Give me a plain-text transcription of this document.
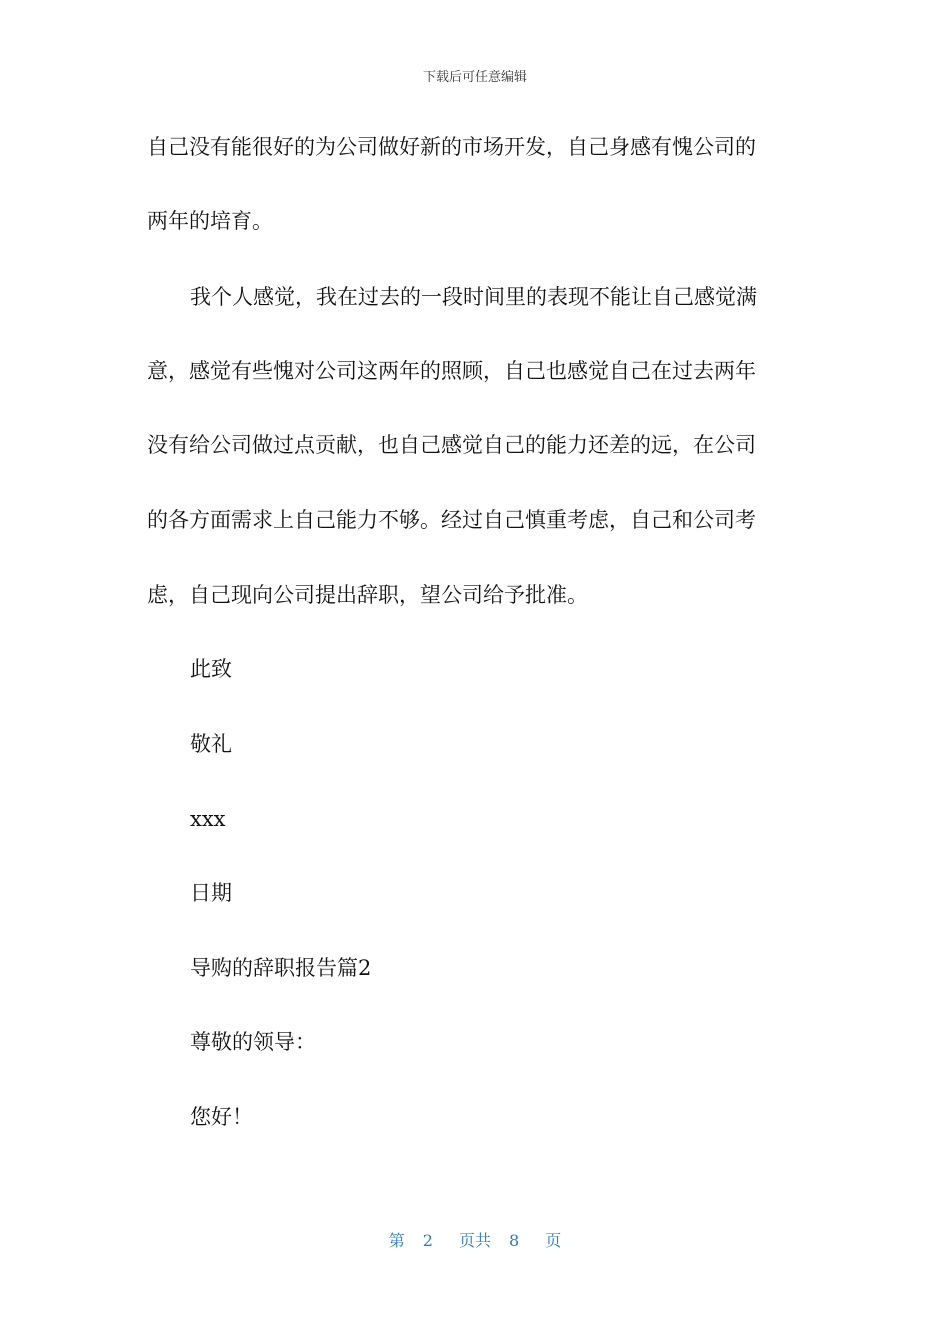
下载后可任意编辑

自己没有能很好的为公司做好新的市场开发，自己身感有愧公司的

两年的培育。

我个人感觉，我在过去的一段时间里的表现不能让自己感觉满

意，感觉有些愧对公司这两年的照顾，自己也感觉自己在过去两年

没有给公司做过点贡献，也自己感觉自己的能力还差的远，在公司

的各方面需求上自己能力不够。经过自己慎重考虑，自己和公司考

虑，自己现向公司提出辞职，望公司给予批准。

此致

敬礼

xxx

日期

导购的辞职报告篇2

尊敬的领导：

您好！

第 2 页共 8 页
